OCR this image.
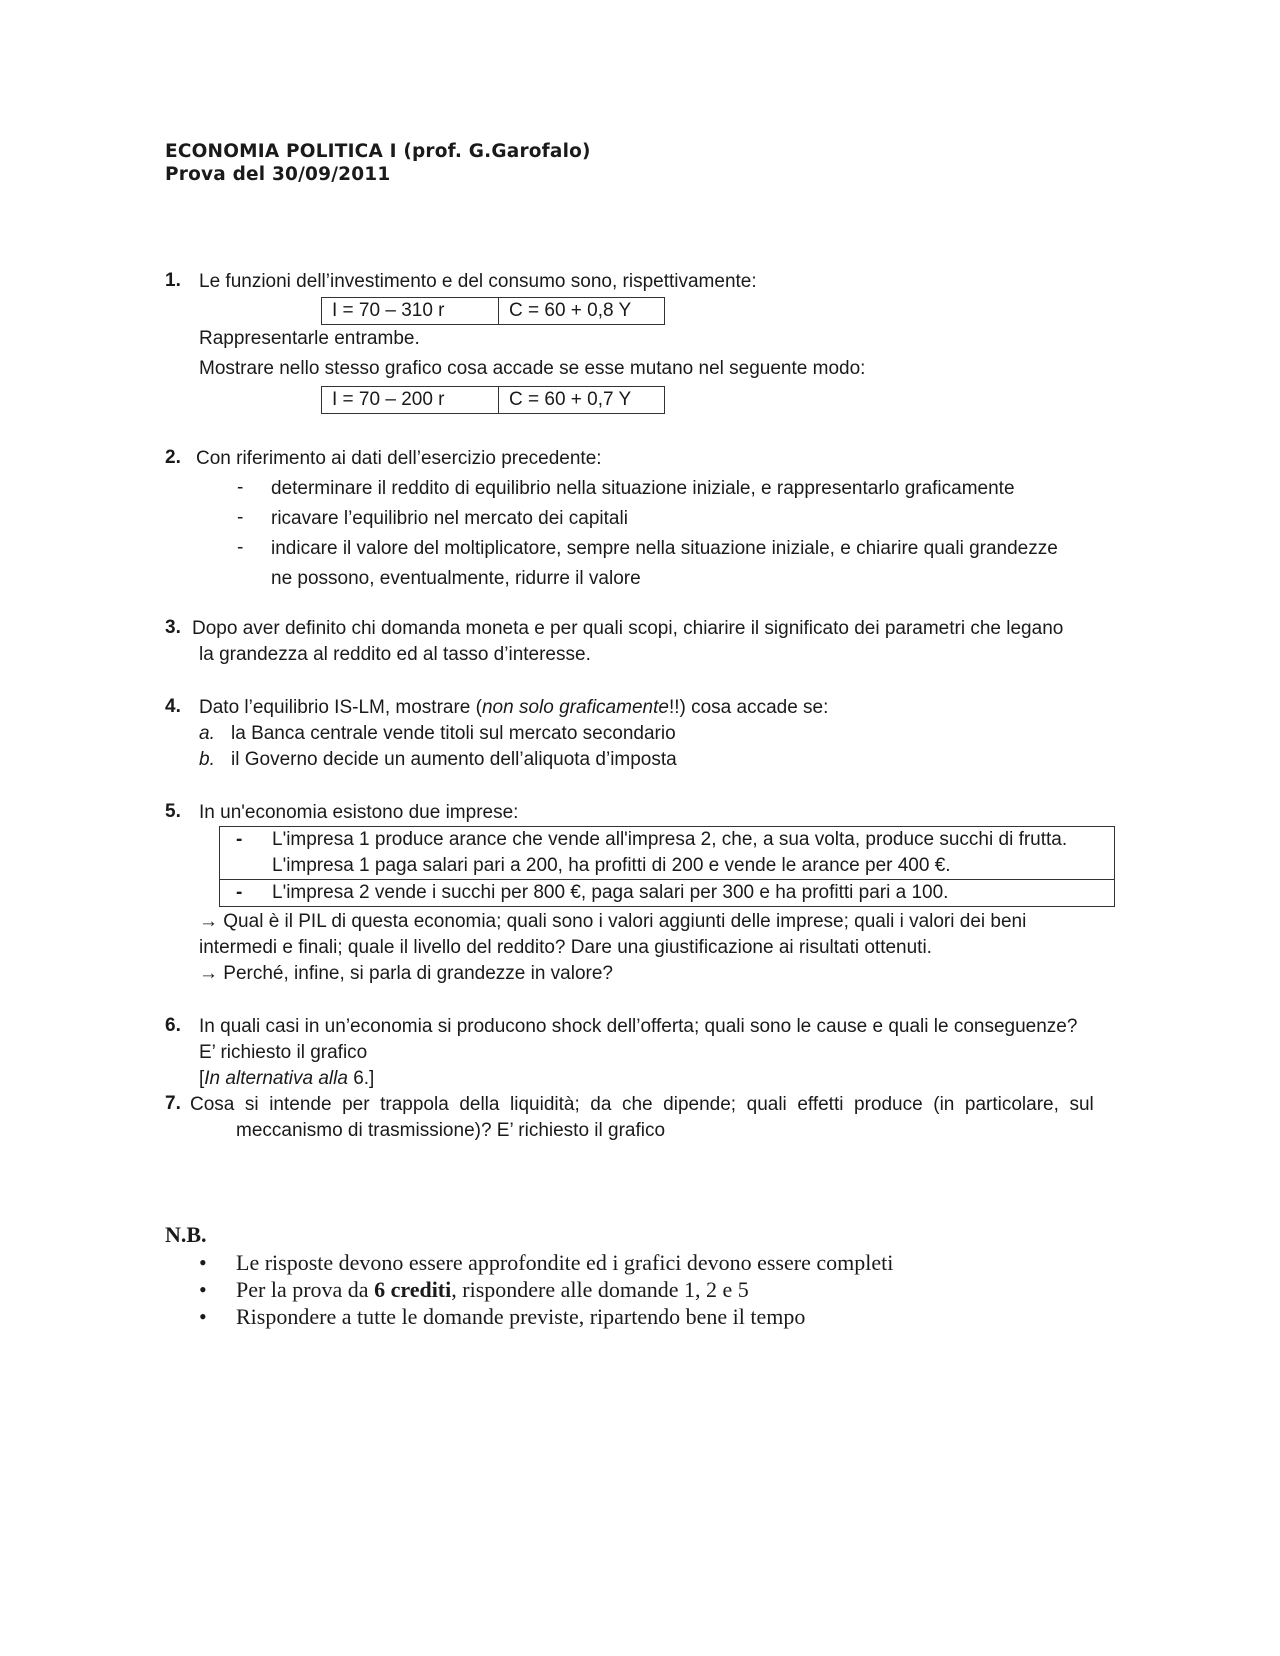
ECONOMIA POLITICA I (prof. G.Garofalo)
Prova del 30/09/2011
1. Le funzioni dell’investimento e del consumo sono, rispettivamente:
I = 70 – 310 r	C = 60 + 0,8 Y
Rappresentarle entrambe.
Mostrare nello stesso grafico cosa accade se esse mutano nel seguente modo:
I = 70 – 200 r	C = 60 + 0,7 Y
2. Con riferimento ai dati dell’esercizio precedente:
- determinare il reddito di equilibrio nella situazione iniziale, e rappresentarlo graficamente
- ricavare l’equilibrio nel mercato dei capitali
- indicare il valore del moltiplicatore, sempre nella situazione iniziale, e chiarire quali grandezze
ne possono, eventualmente, ridurre il valore
3. Dopo aver definito chi domanda moneta e per quali scopi, chiarire il significato dei parametri che legano
la grandezza al reddito ed al tasso d’interesse.
4. Dato l’equilibrio IS-LM, mostrare (non solo graficamente!!) cosa accade se:
a. la Banca centrale vende titoli sul mercato secondario
b. il Governo decide un aumento dell’aliquota d’imposta
5. In un'economia esistono due imprese:
- L'impresa 1 produce arance che vende all'impresa 2, che, a sua volta, produce succhi di frutta.
L'impresa 1 paga salari pari a 200, ha profitti di 200 e vende le arance per 400 €.
- L'impresa 2 vende i succhi per 800 €, paga salari per 300 e ha profitti pari a 100.
→ Qual è il PIL di questa economia; quali sono i valori aggiunti delle imprese; quali i valori dei beni
intermedi e finali; quale il livello del reddito? Dare una giustificazione ai risultati ottenuti.
→ Perché, infine, si parla di grandezze in valore?
6. In quali casi in un’economia si producono shock dell’offerta; quali sono le cause e quali le conseguenze?
E’ richiesto il grafico
[In alternativa alla 6.]
7. Cosa  si  intende  per  trappola  della  liquidità;  da  che  dipende;  quali  effetti  produce  (in  particolare,  sul
meccanismo di trasmissione)? E’ richiesto il grafico
N.B.
• Le risposte devono essere approfondite ed i grafici devono essere completi
• Per la prova da 6 crediti, rispondere alle domande 1, 2 e 5
• Rispondere a tutte le domande previste, ripartendo bene il tempo
